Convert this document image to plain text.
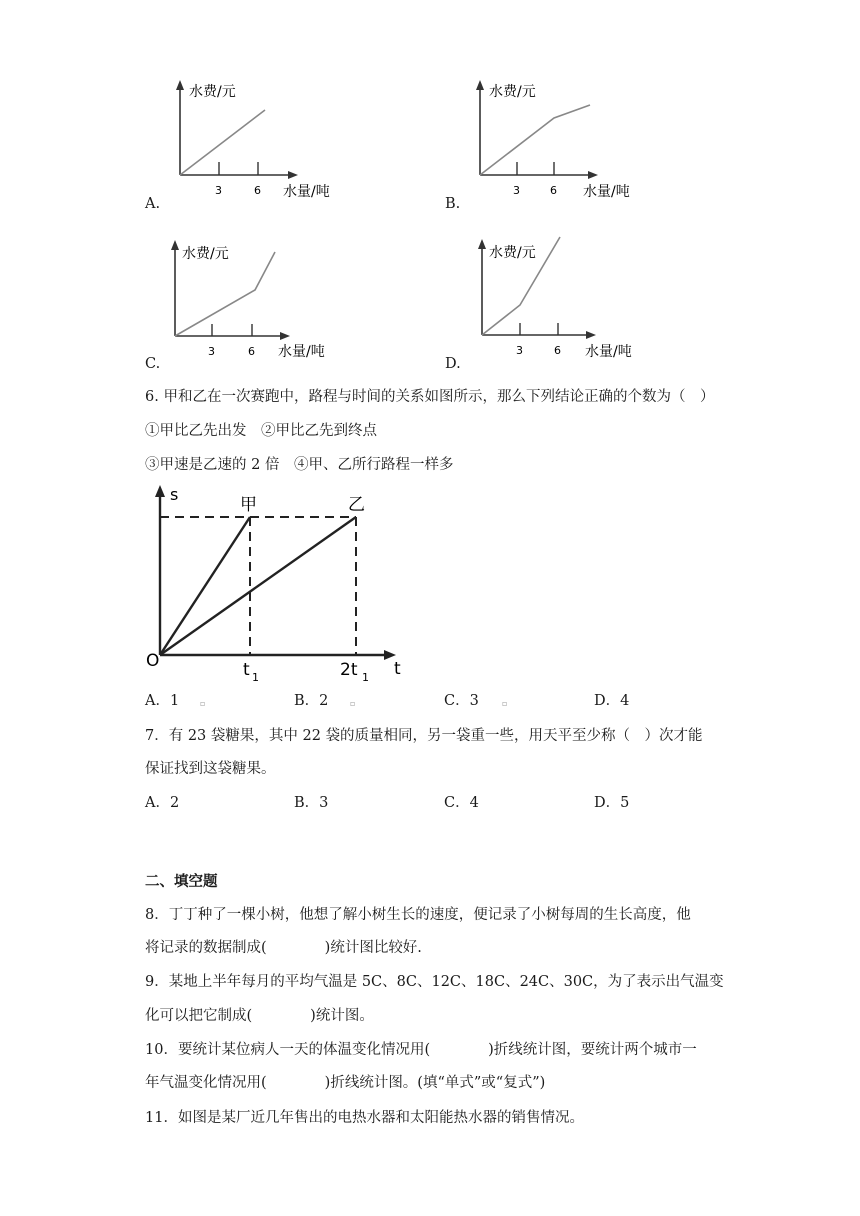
水费/元
3	6 水量/吨
A.
水费/元
3	6 水量/吨
B.
水费/元
3	6 水量/吨
C.
水费/元
3	6 水量/吨
D.
6. 甲和乙在一次赛跑中，路程与时间的关系如图所示，那么下列结论正确的个数为（　）
①甲比乙先出发　②甲比乙先到终点
③甲速是乙速的 2 倍　④甲、乙所行路程一样多
s
O	t
甲	乙
t 1	2t 1
A．1	▫	B．2	▫	C．3	▫	D．4
7．有 23 袋糖果，其中 22 袋的质量相同，另一袋重一些，用天平至少称（　）次才能
保证找到这袋糖果。
A．2	B．3	C．4	D．5
二、填空题
8．丁丁种了一棵小树，他想了解小树生长的速度，便记录了小树每周的生长高度，他
将记录的数据制成(　　　　)统计图比较好.
9．某地上半年每月的平均气温是 5C、8C、12C、18C、24C、30C，为了表示出气温变
化可以把它制成(　　　　)统计图。
10．要统计某位病人一天的体温变化情况用(　　　　)折线统计图，要统计两个城市一
年气温变化情况用(　　　　)折线统计图。(填“单式”或“复式”)
11．如图是某厂近几年售出的电热水器和太阳能热水器的销售情况。
